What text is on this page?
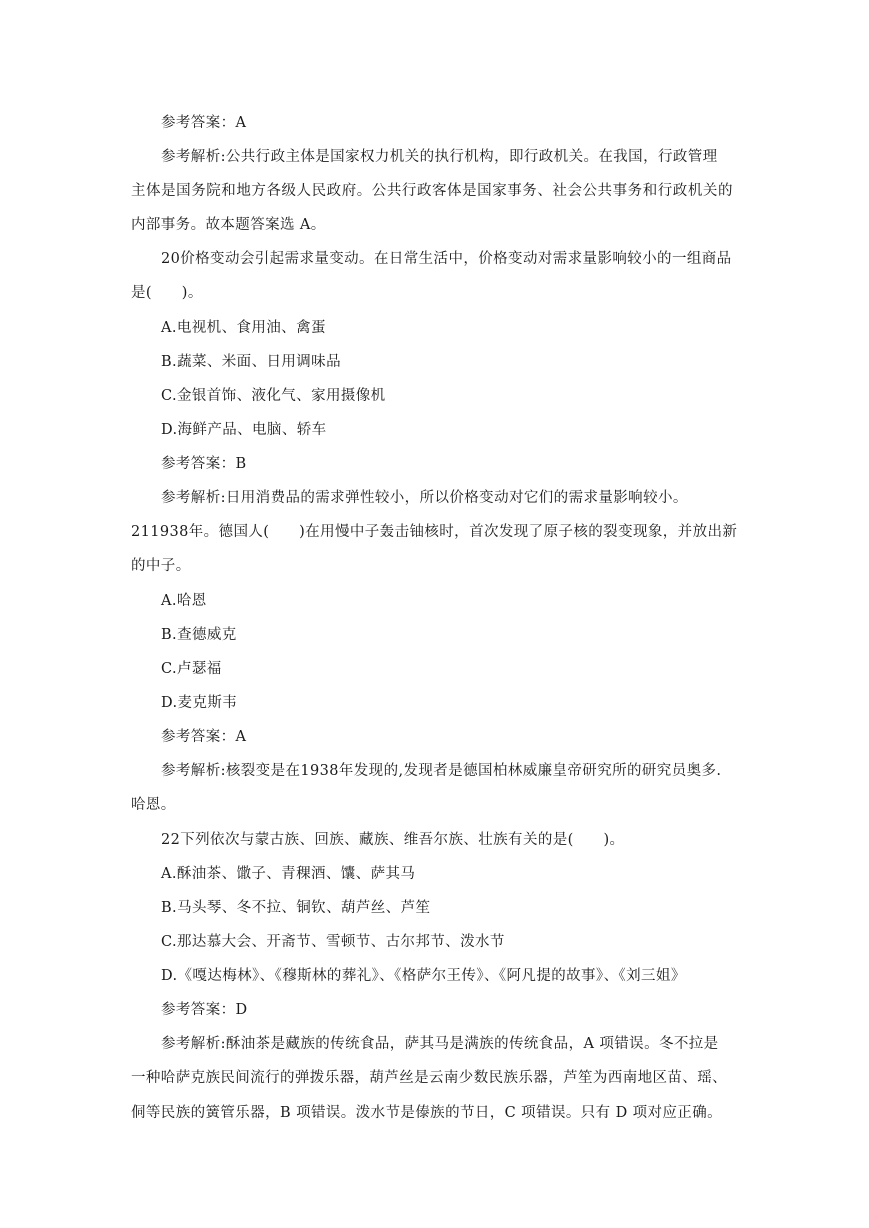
参考答案：A
参考解析:公共行政主体是国家权力机关的执行机构，即行政机关。在我国，行政管理
主体是国务院和地方各级人民政府。公共行政客体是国家事务、社会公共事务和行政机关的
内部事务。故本题答案选 A。
20价格变动会引起需求量变动。在日常生活中，价格变动对需求量影响较小的一组商品
是(　　)。
A.电视机、食用油、禽蛋
B.蔬菜、米面、日用调味品
C.金银首饰、液化气、家用摄像机
D.海鲜产品、电脑、轿车
参考答案：B
参考解析:日用消费品的需求弹性较小，所以价格变动对它们的需求量影响较小。
211938年。德国人(　　)在用慢中子轰击铀核时，首次发现了原子核的裂变现象，并放出新
的中子。
A.哈恩
B.查德威克
C.卢瑟福
D.麦克斯韦
参考答案：A
参考解析:核裂变是在1938年发现的,发现者是德国柏林威廉皇帝研究所的研究员奥多.
哈恩。
22下列依次与蒙古族、回族、藏族、维吾尔族、壮族有关的是(　　)。
A.酥油茶、馓子、青稞酒、馕、萨其马
B.马头琴、冬不拉、铜钦、葫芦丝、芦笙
C.那达慕大会、开斋节、雪顿节、古尔邦节、泼水节
D.《嘎达梅林》、《穆斯林的葬礼》、《格萨尔王传》、《阿凡提的故事》、《刘三姐》
参考答案：D
参考解析:酥油茶是藏族的传统食品，萨其马是满族的传统食品，A 项错误。冬不拉是
一种哈萨克族民间流行的弹拨乐器，葫芦丝是云南少数民族乐器，芦笙为西南地区苗、瑶、
侗等民族的簧管乐器，B 项错误。泼水节是傣族的节日，C 项错误。只有 D 项对应正确。
